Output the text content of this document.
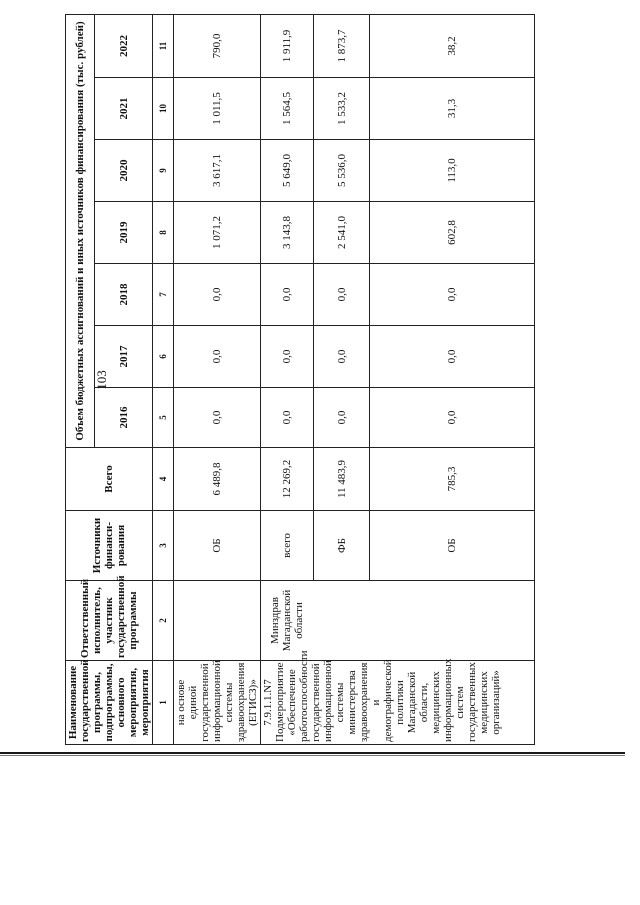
103
Наименование государственной программы, подпрограммы, основного мероприятия, мероприятия	Ответственный исполнитель, участник государственной программы	Источники финанси-рования	Всего	Объем бюджетных ассигнований и иных источников финансирования (тыс. рублей)						
				2016	2017	2018	2019	2020	2021	2022
1	2	3	4	5	6	7	8	9	10	11
на основе единой государственной информационной системы здравоохранения (ЕГИСЗ)»		ОБ	6 489,8	0,0	0,0	0,0	1 071,2	3 617,1	1 011,5	790,0
7.9.1.1.N7 Подмероприятие «Обеспечение работоспособности государственной информационной системы министерства здравоохранения и демографической политики Магаданской области, медицинских информационных систем государственных медицинских организаций»	Минздрав Магаданской области	всего	12 269,2	0,0	0,0	0,0	3 143,8	5 649,0	1 564,5	1 911,9
		ФБ	11 483,9	0,0	0,0	0,0	2 541,0	5 536,0	1 533,2	1 873,7
		ОБ	785,3	0,0	0,0	0,0	602,8	113,0	31,3	38,2
